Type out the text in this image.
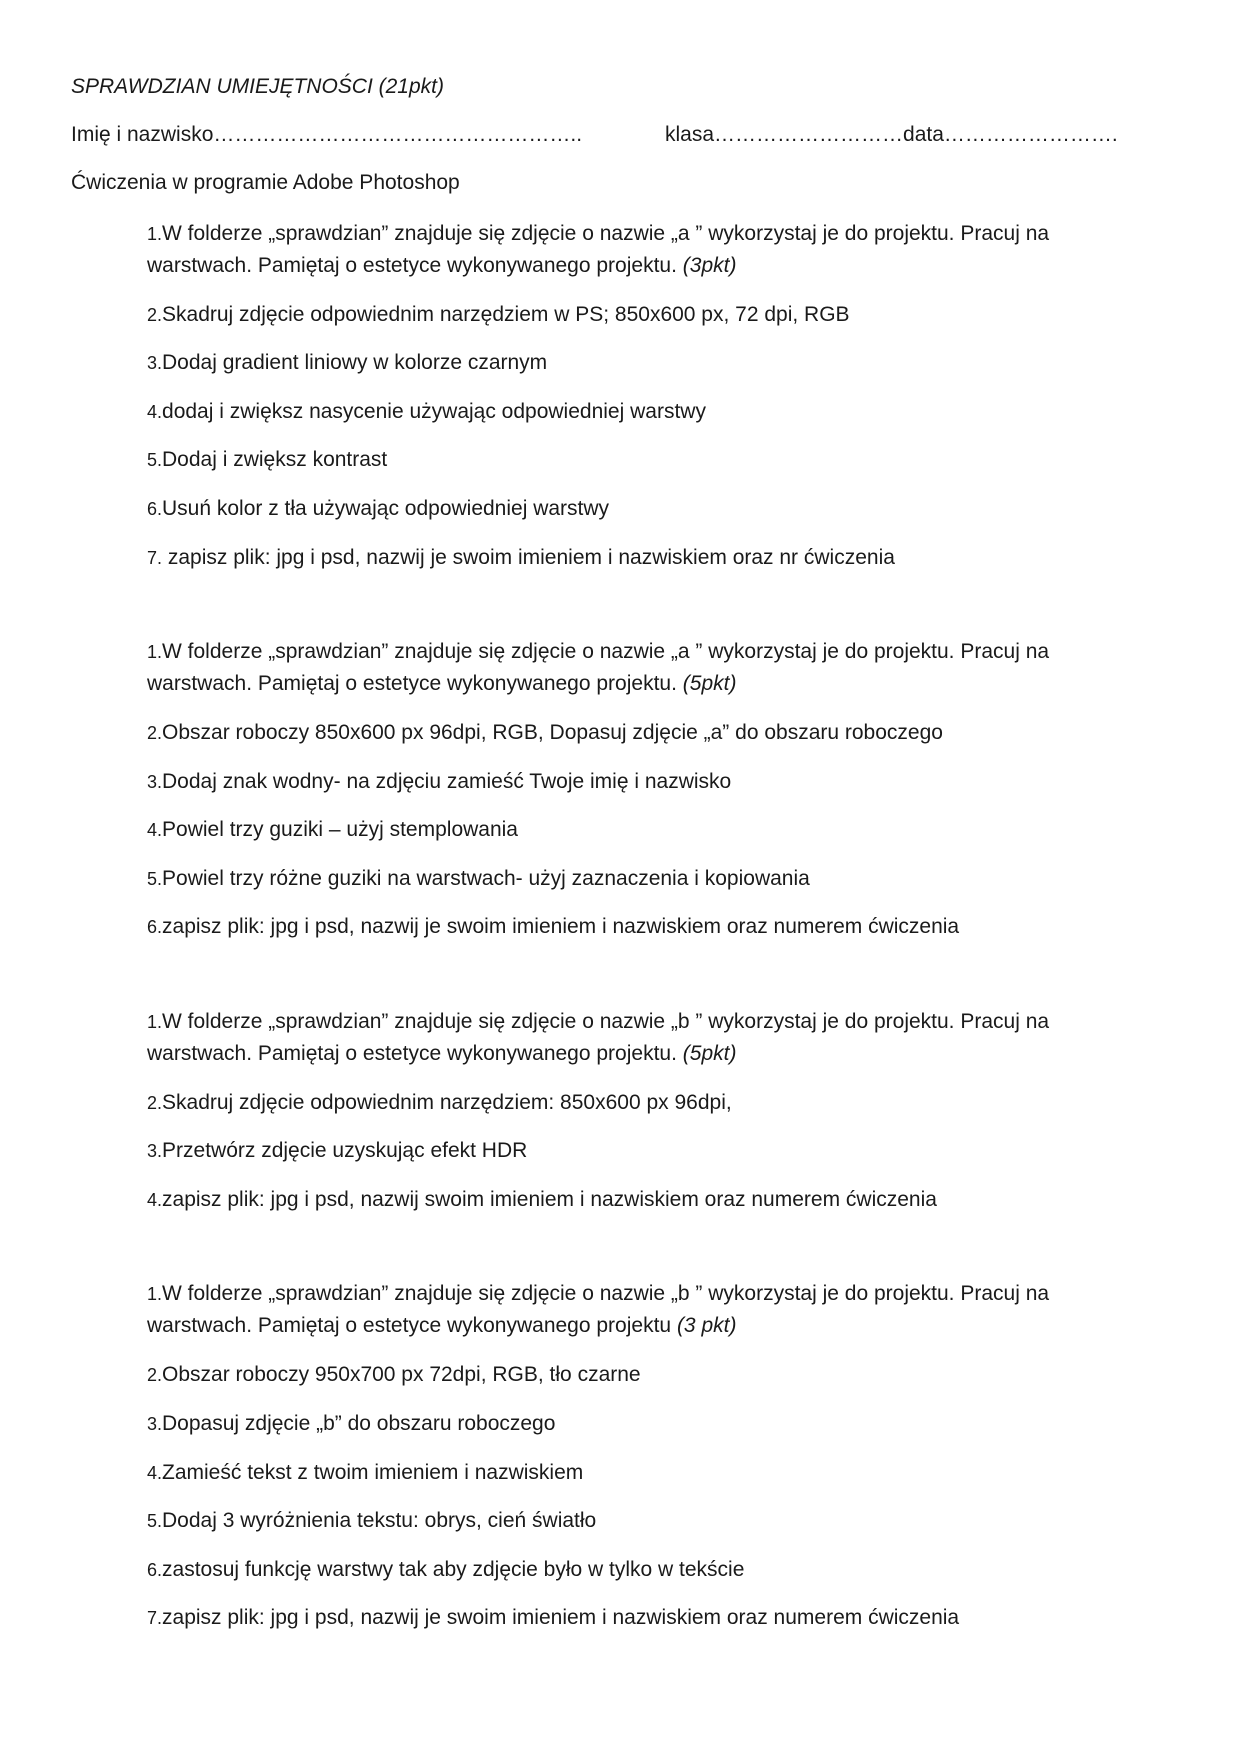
SPRAWDZIAN UMIEJĘTNOŚCI (21pkt)
Imię i nazwisko……………………………………………..	klasa………………………data…………………….
Ćwiczenia w programie Adobe Photoshop
1.W folderze „sprawdzian” znajduje się zdjęcie o nazwie „a ” wykorzystaj je do projektu. Pracuj na warstwach. Pamiętaj o estetyce wykonywanego projektu. (3pkt)
2.Skadruj zdjęcie odpowiednim narzędziem w PS; 850x600 px, 72 dpi, RGB
3.Dodaj gradient liniowy w kolorze czarnym
4.dodaj i zwiększ nasycenie używając odpowiedniej warstwy
5.Dodaj i zwiększ kontrast
6.Usuń kolor z tła używając odpowiedniej warstwy
7. zapisz plik: jpg i psd, nazwij je swoim imieniem i nazwiskiem oraz nr ćwiczenia
1.W folderze „sprawdzian” znajduje się zdjęcie o nazwie „a ” wykorzystaj je do projektu. Pracuj na warstwach. Pamiętaj o estetyce wykonywanego projektu. (5pkt)
2.Obszar roboczy 850x600 px 96dpi, RGB, Dopasuj zdjęcie „a” do obszaru roboczego
3.Dodaj znak wodny- na zdjęciu zamieść Twoje imię i nazwisko
4.Powiel trzy guziki – użyj stemplowania
5.Powiel trzy różne guziki na warstwach- użyj zaznaczenia i kopiowania
6.zapisz plik: jpg i psd, nazwij je swoim imieniem i nazwiskiem oraz numerem ćwiczenia
1.W folderze „sprawdzian” znajduje się zdjęcie o nazwie „b ” wykorzystaj je do projektu. Pracuj na warstwach. Pamiętaj o estetyce wykonywanego projektu. (5pkt)
2.Skadruj zdjęcie odpowiednim narzędziem: 850x600 px 96dpi,
3.Przetwórz zdjęcie uzyskując efekt HDR
4.zapisz plik: jpg i psd, nazwij swoim imieniem i nazwiskiem oraz numerem ćwiczenia
1.W folderze „sprawdzian” znajduje się zdjęcie o nazwie „b ” wykorzystaj je do projektu. Pracuj na warstwach. Pamiętaj o estetyce wykonywanego projektu (3 pkt)
2.Obszar roboczy 950x700 px 72dpi, RGB, tło czarne
3.Dopasuj zdjęcie „b” do obszaru roboczego
4.Zamieść tekst z twoim imieniem i nazwiskiem
5.Dodaj 3 wyróżnienia tekstu: obrys, cień światło
6.zastosuj funkcję warstwy tak aby zdjęcie było w tylko w tekście
7.zapisz plik: jpg i psd, nazwij je swoim imieniem i nazwiskiem oraz numerem ćwiczenia
